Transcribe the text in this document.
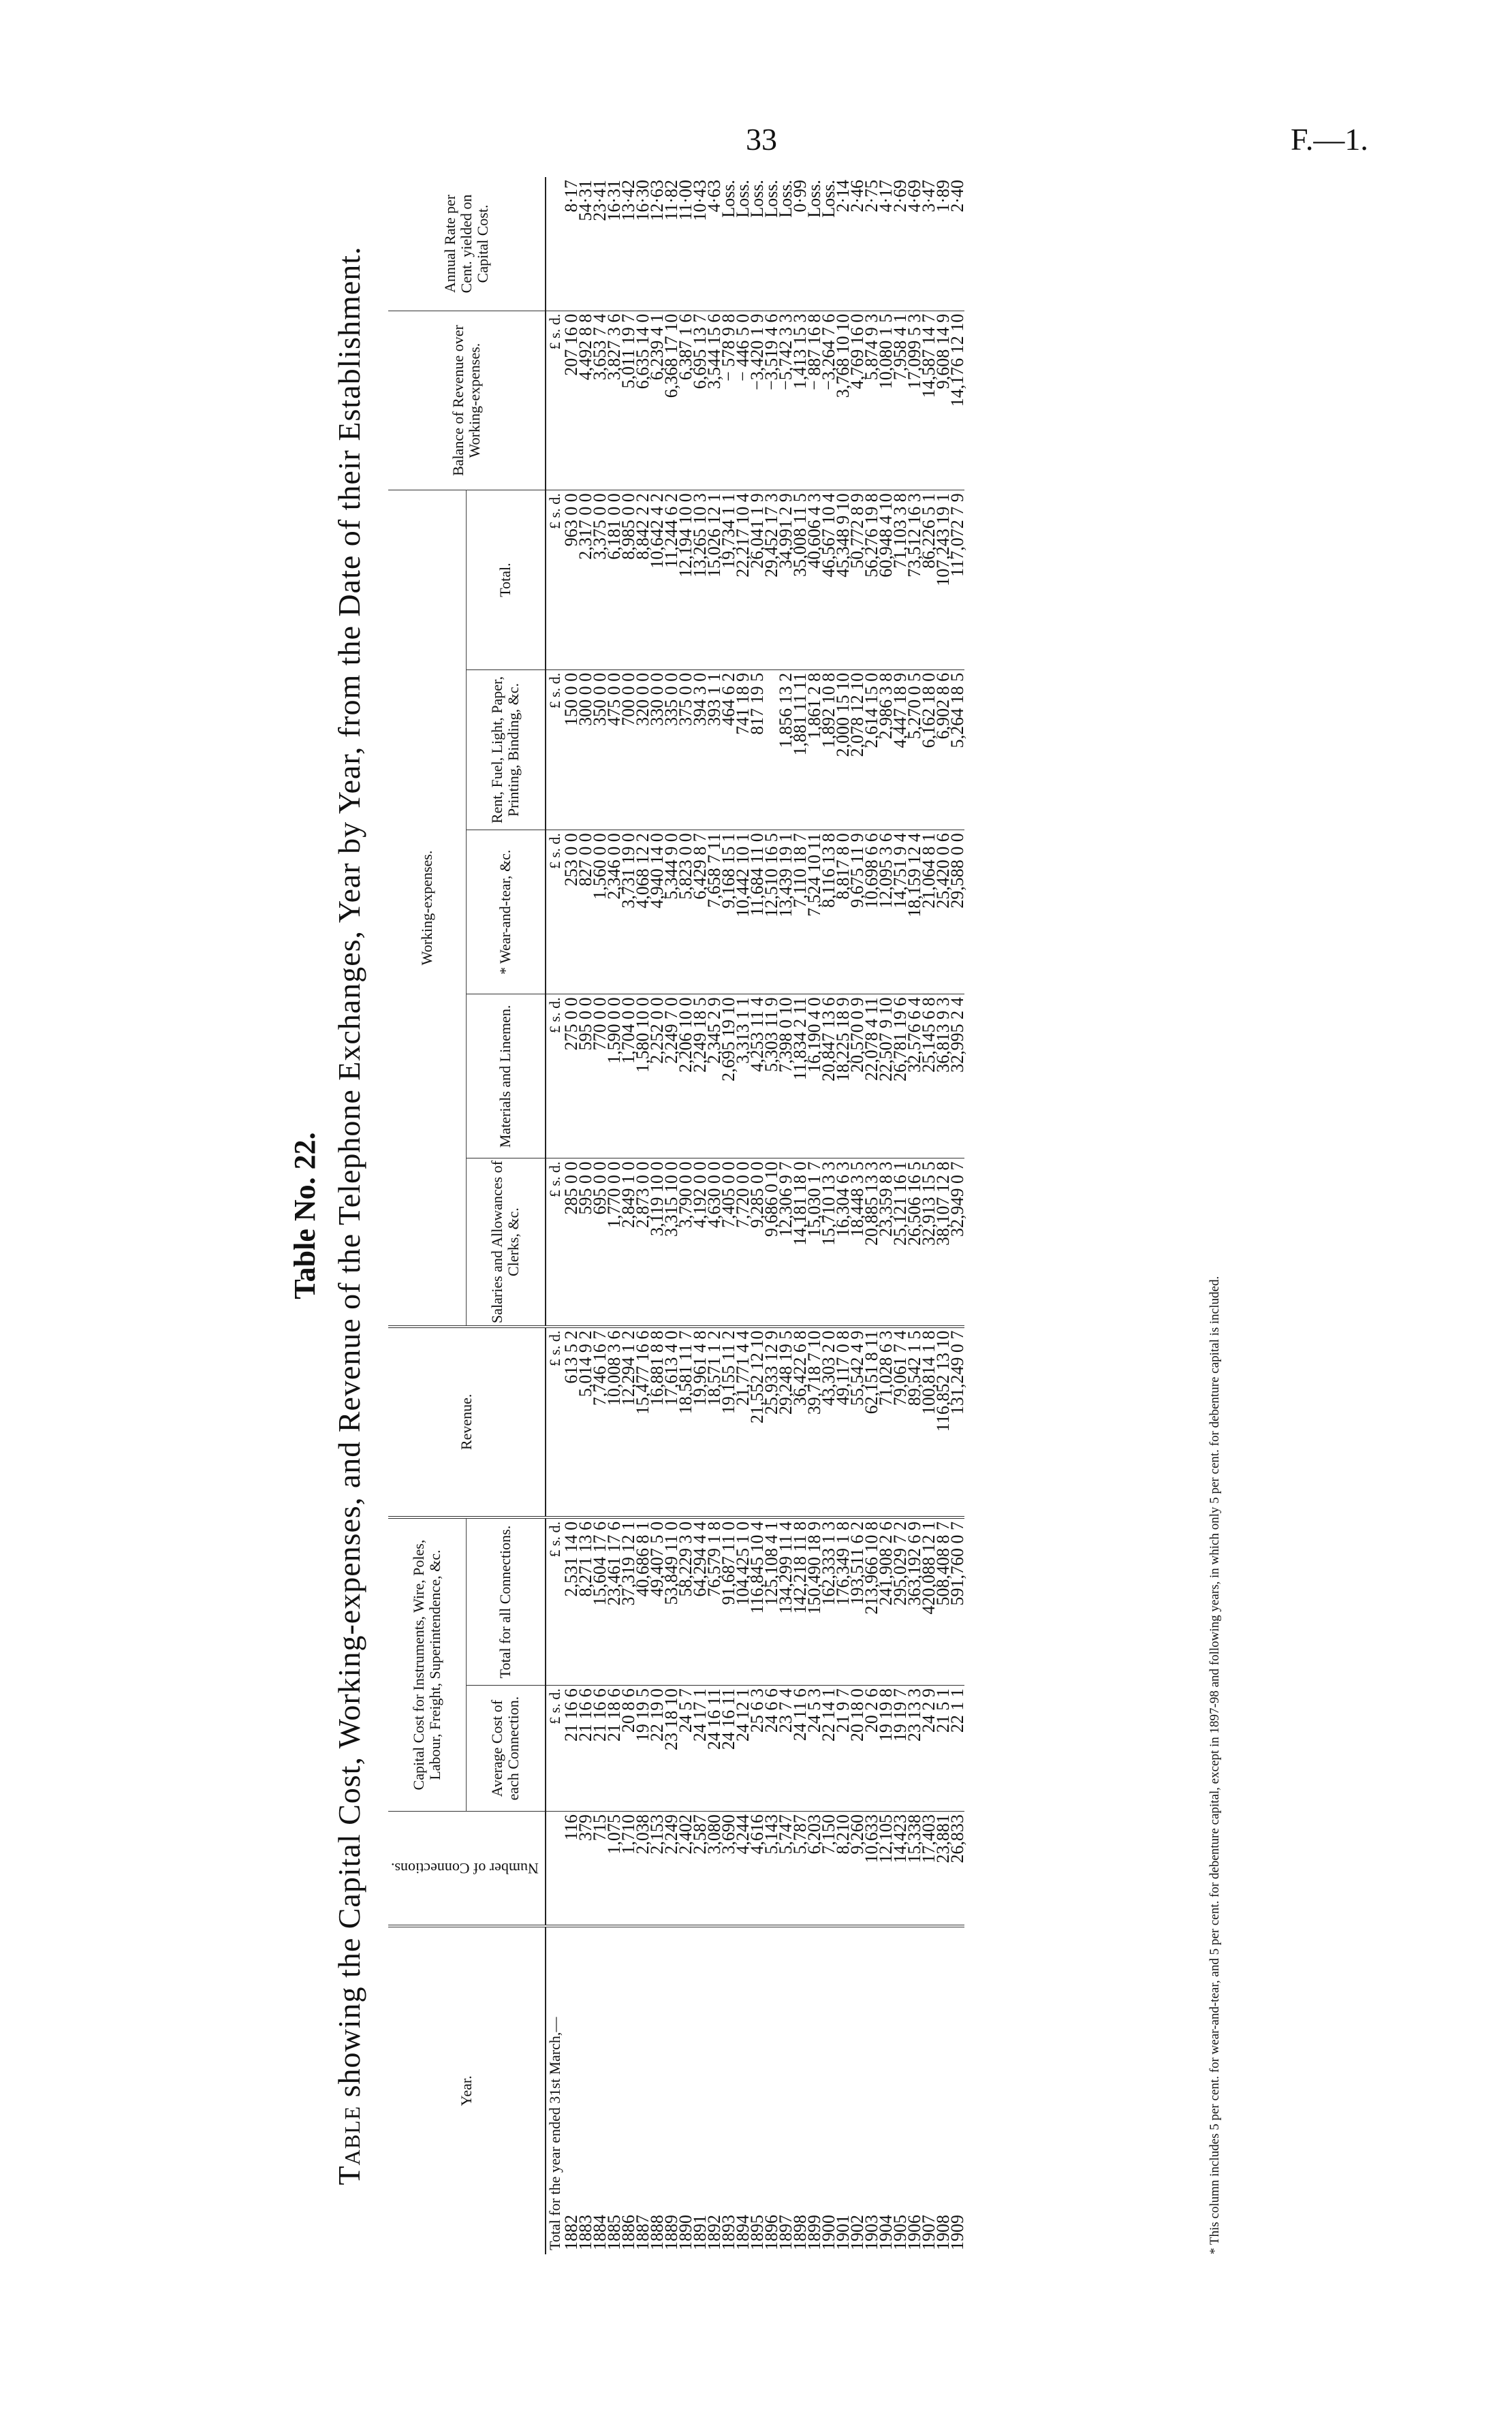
33	F.—1.
Table No. 22.
Table showing the Capital Cost, Working-expenses, and Revenue of the Telephone Exchanges, Year by Year, from the Date of their Establishment.	Year.	Number of Connections.	Capital Cost for Instruments, Wire, Poles, Labour, Freight, Superintendence, &c.		Revenue.	Working-expenses.					Balance of Revenue over Working-expenses.	Annual Rate per Cent. yielded on Capital Cost.
		Average Cost of each Connection.	Total for all Connections.		Salaries and Allowances of Clerks, &c.	Materials and Linemen.	* Wear-and-tear, &c.	Rent, Fuel, Light, Paper, Printing, Binding, &c.	Total.		
Total for the year ended 31st March,—		£ s. d.	£ s. d.	£ s. d.	£ s. d.	£ s. d.	£ s. d.	£ s. d.	£ s. d.	£ s. d.	
1882	116	21 16 6	2,531 14 0	613 5 2	285 0 0	275 0 0	253 0 0	150 0 0	963 0 0	207 16 0	8·17
1883	379	21 16 6	8,271 13 6	5,014 9 2	595 0 0	595 0 0	827 0 0	300 0 0	2,317 0 0	4,492 8 8	54·31
1884	715	21 16 6	15,604 17 6	7,746 16 7	695 0 0	770 0 0	1,560 0 0	350 0 0	3,375 0 0	3,653 7 4	23·41
1885	1,075	21 18 6	23,461 17 6	10,008 3 6	1,770 0 0	1,590 0 0	2,346 0 0	475 0 0	6,181 0 0	3,827 3 6	16·31
1886	1,710	20 8 6	37,319 12 1	12,294 1 2	2,849 1 0	1,704 0 0	3,731 19 0	700 0 0	8,985 0 0	5,011 19 7	13·42
1887	2,038	19 19 5	40,686 8 1	15,477 16 6	2,873 0 0	1,580 10 0	4,068 12 2	320 0 0	8,842 2 2	6,635 14 0	16·30
1888	2,153	22 19 0	49,407 5 0	16,881 8 8	3,119 10 0	2,252 0 0	4,940 14 0	330 0 0	10,642 4 2	6,239 4 1	12·63
1889	2,249	23 18 10	53,849 11 0	17,613 4 0	3,315 10 0	2,249 7 0	5,344 9 0	335 0 0	11,244 6 2	6,368 17 10	11·82
1890	2,402	24 5 7	58,229 3 0	18,581 11 7	3,790 0 0	2,206 10 0	5,823 0 0	375 0 0	12,194 10 0	6,387 1 6	11·00
1891	2,587	24 17 1	64,294 4 4	19,961 4 8	4,192 0 0	2,249 18 5	6,429 8 7	394 3 0	13,265 10 3	6,695 13 7	10·43
1892	3,080	24 16 11	76,579 1 8	18,571 1 2	4,630 0 0	2,345 2 9	7,658 7 11	393 1 1	15,026 12 1	3,544 15 6	4·63
1893	3,690	24 16 11	91,687 11 0	19,155 11 2	7,405 0 0	2,695 19 10	9,168 15 1	464 6 2	19,734 1 1	− 578 9 8	Loss.
1894	4,244	24 12 1	104,425 1 0	21,771 4 4	7,720 0 0	3,313 1 1	10,442 10 1	741 18 9	22,217 10 4	− 446 5 0	Loss.
1895	4,616	25 6 3	116,845 10 4	21,552 12 10	9,285 0 0	4,253 11 4	11,684 11 0	817 19 5	26,041 1 9	−3,420 1 9	Loss.
1896	5,143	24 6 6	125,108 4 1	25,933 12 9	9,686 0 10	5,303 11 9	12,510 16 5		29,452 17 3	−3,519 4 6	Loss.
1897	5,747	23 7 4	134,299 11 4	29,248 19 5	12,306 9 7	7,398 0 10	13,439 19 1	1,856 13 2	34,991 2 9	−5,742 3 3	Loss.
1898	5,787	24 11 6	142,218 11 8	36,422 6 8	14,181 18 0	11,834 2 11	7,110 18 7	1,881 11 11	35,008 11 5	1,413 15 3	0·99
1899	6,203	24 5 3	150,490 18 9	39,718 7 10	15,030 1 7	16,190 4 0	7,524 10 11	1,861 2 8	40,606 4 3	− 887 16 8	Loss.
1900	7,150	22 14 1	162,333 1 3	43,303 2 0	15,710 13 3	20,847 13 6	8,116 13 8	1,892 10 8	46,567 10 4	−3,264 7 6	Loss.
1901	8,210	21 9 7	176,349 1 8	49,117 0 8	16,304 6 3	18,225 18 9	8,817 8 0	2,000 15 10	45,348 9 10	3,768 10 10	2·14
1902	9,260	20 18 0	193,511 6 2	55,542 4 9	18,448 3 5	20,570 0 9	9,675 11 9	2,078 12 10	50,772 8 9	4,769 16 0	2·46
1903	10,633	20 2 6	213,966 10 8	62,151 8 11	20,885 13 3	22,078 4 11	10,698 6 6	2,614 15 0	56,276 19 8	5,874 9 3	2·75
1904	12,105	19 19 8	241,908 2 6	71,028 6 3	23,359 8 3	22,507 9 10	12,095 3 6	2,986 3 8	60,948 4 10	10,080 1 5	4·17
1905	14,423	19 19 7	295,029 7 2	79,061 7 4	25,121 16 1	26,781 19 6	14,751 9 4	4,447 18 9	71,103 3 8	7,958 4 1	2·69
1906	15,338	23 13 3	363,192 6 9	89,542 1 5	26,506 16 5	32,576 6 4	18,159 12 4	5,270 0 5	73,512 16 3	17,099 5 3	4·69
1907	17,403	24 2 9	420,088 12 1	100,814 1 8	32,913 15 5	25,145 6 8	21,064 8 1	6,162 18 0	86,226 5 1	14,587 14 7	3·47
1908	23,881	21 5 1	508,408 8 7	116,852 13 10	38,107 12 8	36,813 9 3	25,420 0 6	6,902 8 6	107,243 19 1	9,608 14 9	1·89
1909	26,833	22 1 1	591,760 0 7	131,249 0 7	32,949 0 7	32,995 2 4	29,588 0 0	5,264 18 5	117,072 7 9	14,176 12 10	2·40
* This column includes 5 per cent. for wear-and-tear, and 5 per cent. for debenture capital, except in 1897-98 and following years, in which only 5 per cent. for debenture capital is included.
